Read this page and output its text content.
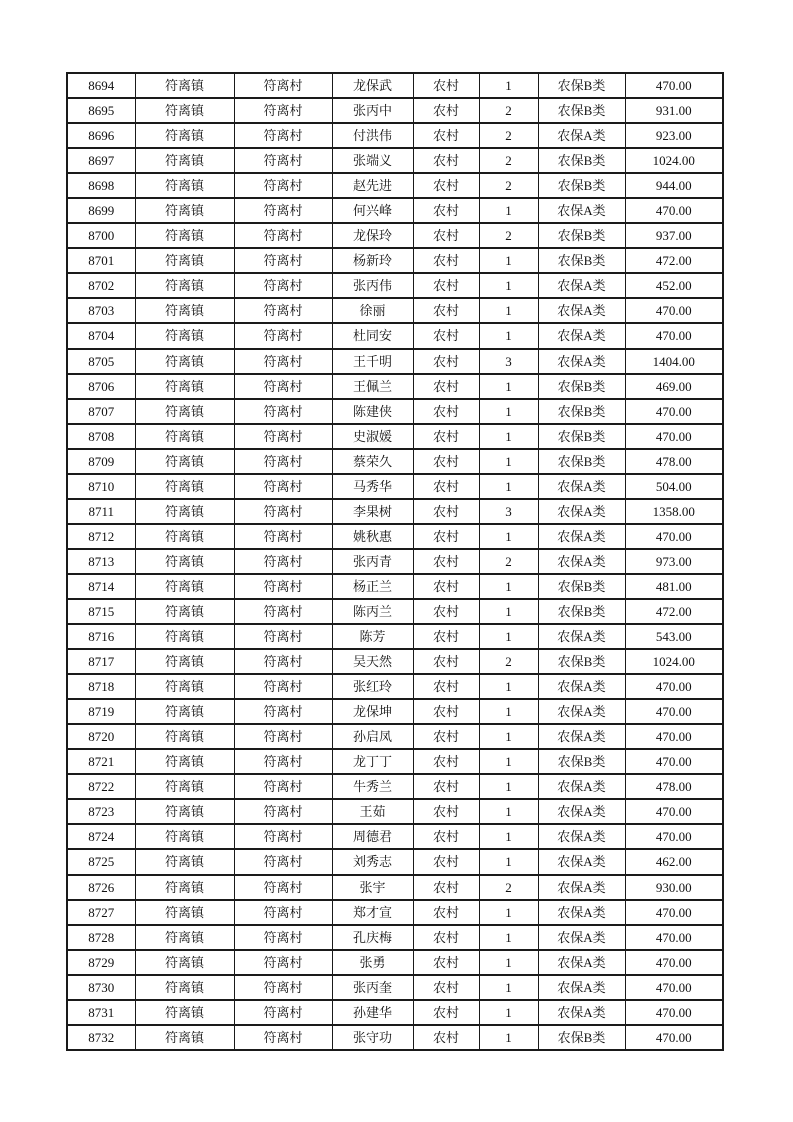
8694	符离镇	符离村	龙保武	农村	1	农保B类	470.00
8695	符离镇	符离村	张丙中	农村	2	农保B类	931.00
8696	符离镇	符离村	付洪伟	农村	2	农保A类	923.00
8697	符离镇	符离村	张端义	农村	2	农保B类	1024.00
8698	符离镇	符离村	赵先进	农村	2	农保B类	944.00
8699	符离镇	符离村	何兴峰	农村	1	农保A类	470.00
8700	符离镇	符离村	龙保玲	农村	2	农保B类	937.00
8701	符离镇	符离村	杨新玲	农村	1	农保B类	472.00
8702	符离镇	符离村	张丙伟	农村	1	农保A类	452.00
8703	符离镇	符离村	徐丽	农村	1	农保A类	470.00
8704	符离镇	符离村	杜同安	农村	1	农保A类	470.00
8705	符离镇	符离村	王千明	农村	3	农保A类	1404.00
8706	符离镇	符离村	王佩兰	农村	1	农保B类	469.00
8707	符离镇	符离村	陈建侠	农村	1	农保B类	470.00
8708	符离镇	符离村	史淑媛	农村	1	农保B类	470.00
8709	符离镇	符离村	蔡荣久	农村	1	农保B类	478.00
8710	符离镇	符离村	马秀华	农村	1	农保A类	504.00
8711	符离镇	符离村	李果树	农村	3	农保A类	1358.00
8712	符离镇	符离村	姚秋惠	农村	1	农保A类	470.00
8713	符离镇	符离村	张丙青	农村	2	农保A类	973.00
8714	符离镇	符离村	杨正兰	农村	1	农保B类	481.00
8715	符离镇	符离村	陈丙兰	农村	1	农保B类	472.00
8716	符离镇	符离村	陈芳	农村	1	农保A类	543.00
8717	符离镇	符离村	吴天然	农村	2	农保B类	1024.00
8718	符离镇	符离村	张红玲	农村	1	农保A类	470.00
8719	符离镇	符离村	龙保坤	农村	1	农保A类	470.00
8720	符离镇	符离村	孙启凤	农村	1	农保A类	470.00
8721	符离镇	符离村	龙丁丁	农村	1	农保B类	470.00
8722	符离镇	符离村	牛秀兰	农村	1	农保A类	478.00
8723	符离镇	符离村	王茹	农村	1	农保A类	470.00
8724	符离镇	符离村	周德君	农村	1	农保A类	470.00
8725	符离镇	符离村	刘秀志	农村	1	农保A类	462.00
8726	符离镇	符离村	张宇	农村	2	农保A类	930.00
8727	符离镇	符离村	郑才宣	农村	1	农保A类	470.00
8728	符离镇	符离村	孔庆梅	农村	1	农保A类	470.00
8729	符离镇	符离村	张勇	农村	1	农保A类	470.00
8730	符离镇	符离村	张丙奎	农村	1	农保A类	470.00
8731	符离镇	符离村	孙建华	农村	1	农保A类	470.00
8732	符离镇	符离村	张守功	农村	1	农保B类	470.00
